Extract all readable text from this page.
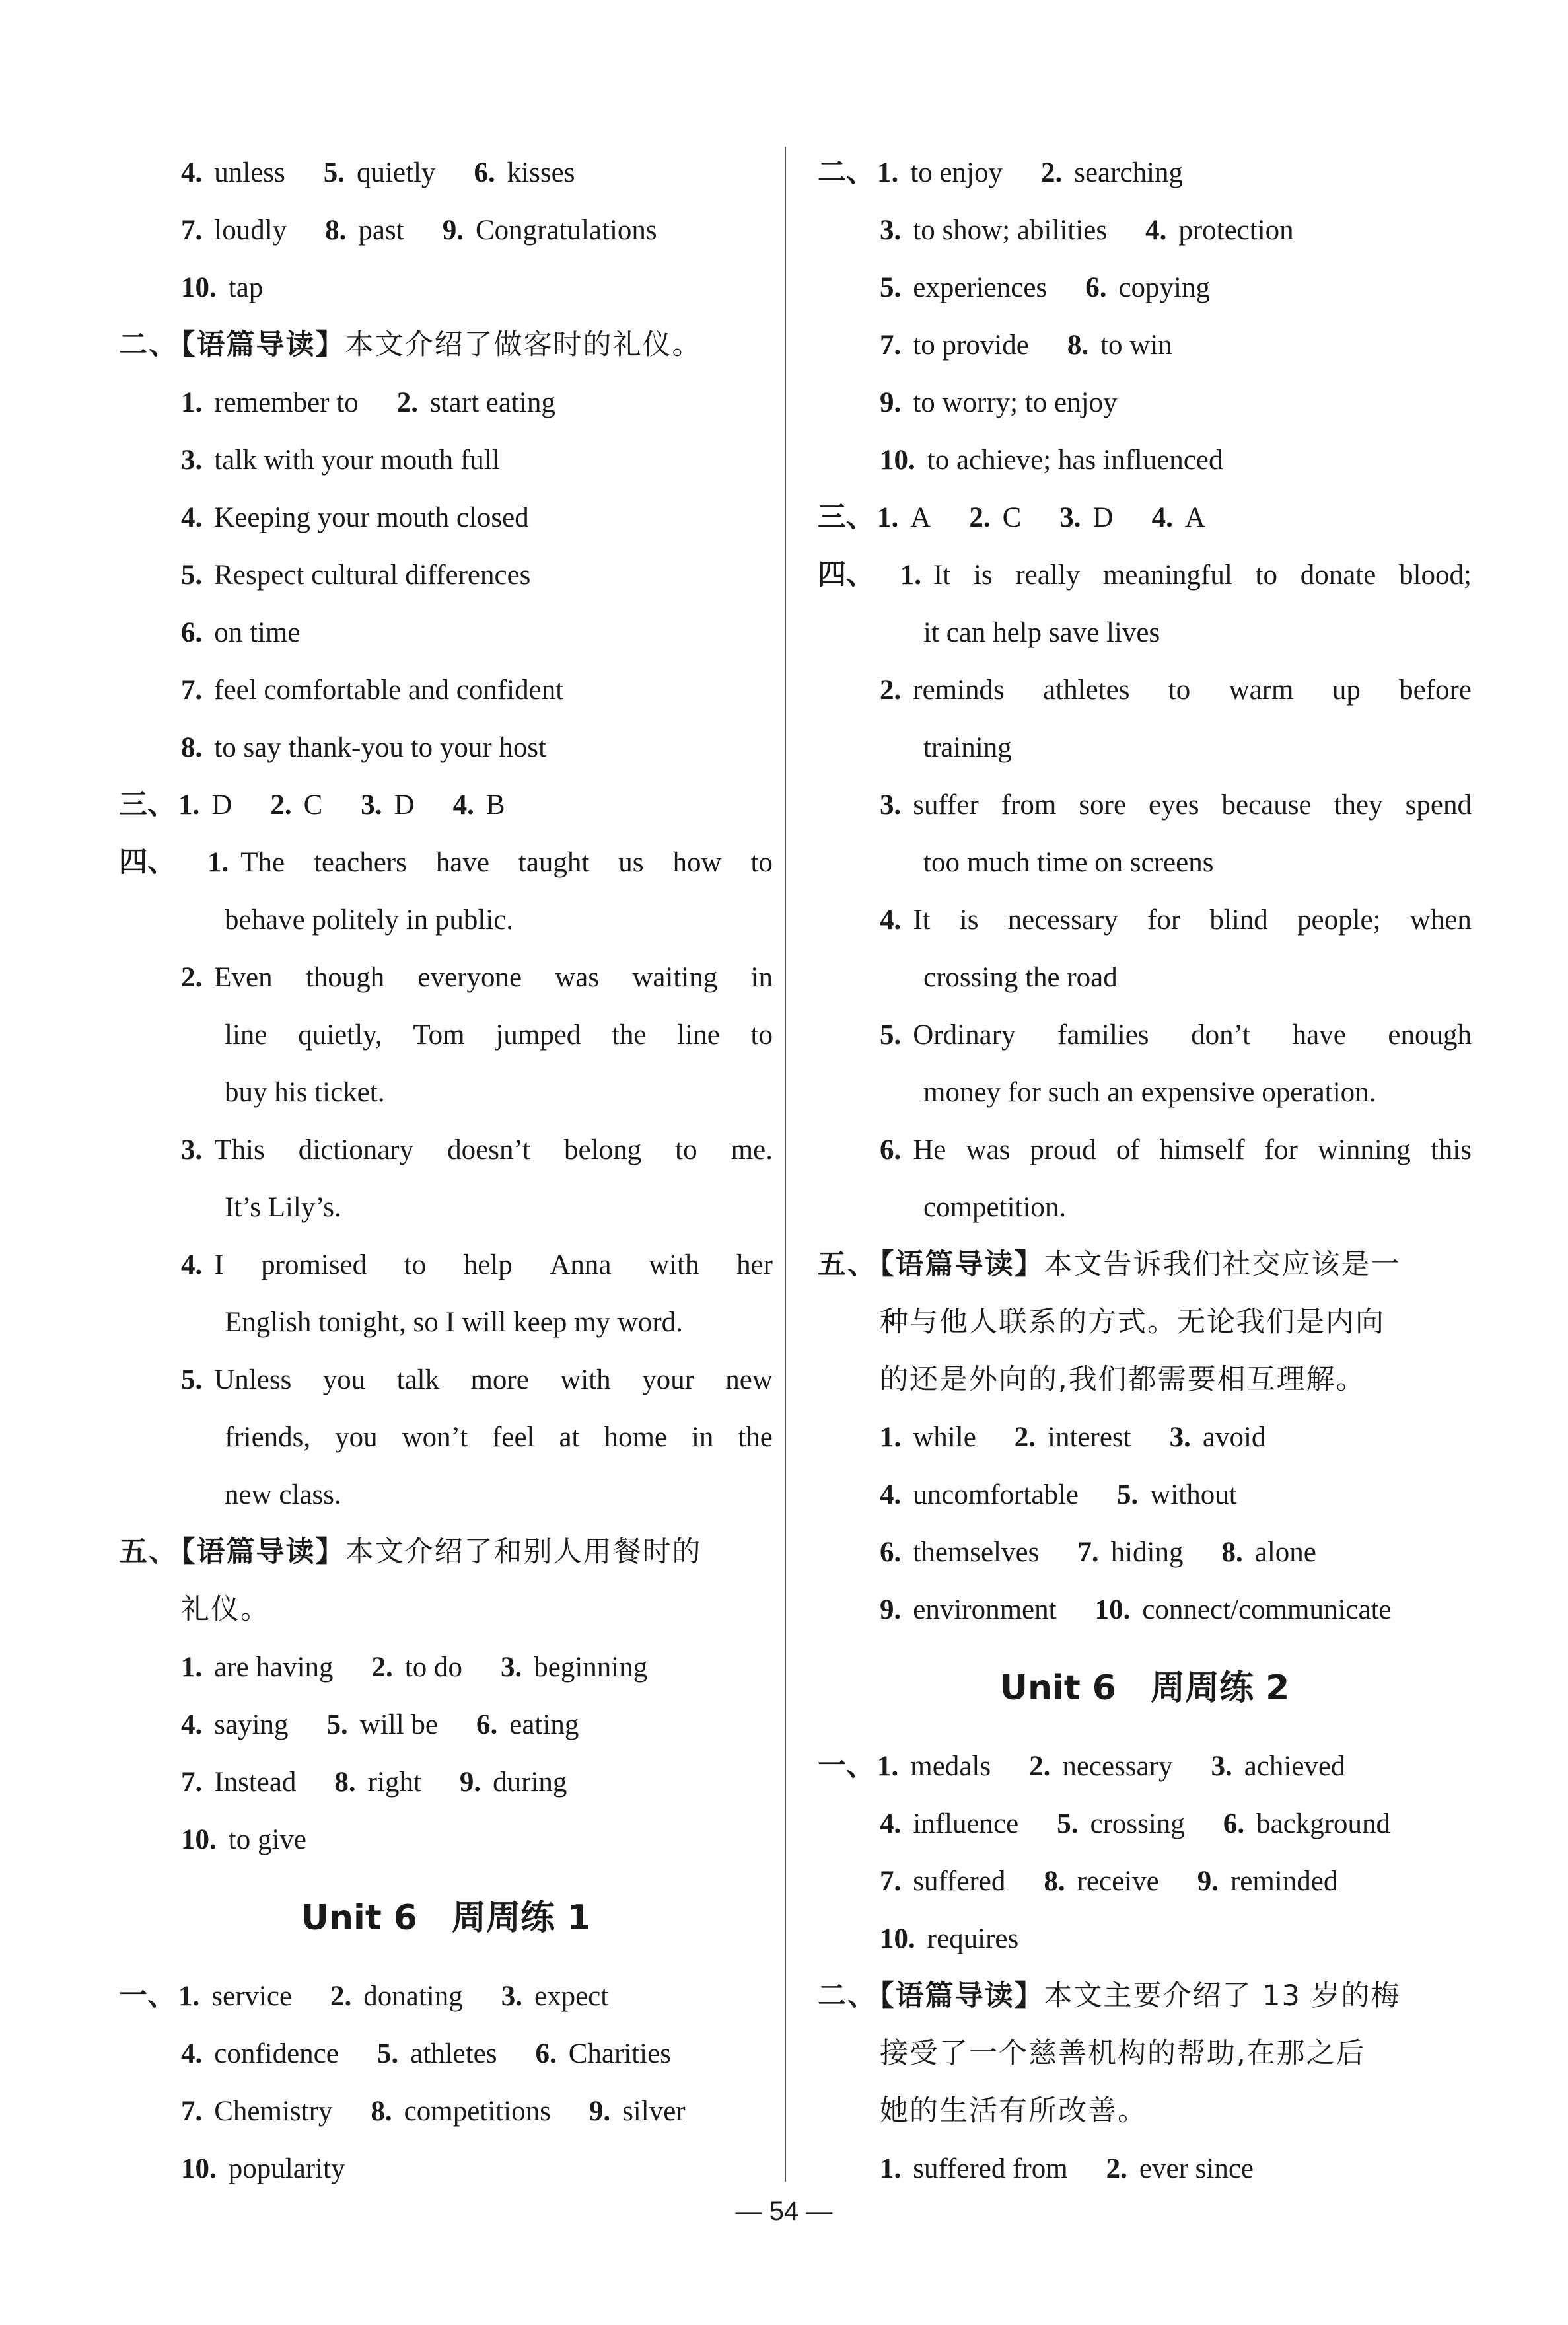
4. unless 5. quietly 6. kisses
7. loudly 8. past 9. Congratulations
10. tap
二、【语篇导读】本文介绍了做客时的礼仪。
1. remember to 2. start eating
3. talk with your mouth full
4. Keeping your mouth closed
5. Respect cultural differences
6. on time
7. feel comfortable and confident
8. to say thank-you to your host
三、1. D 2. C 3. D 4. B
四、 1. The teachers have taught us how to
behave politely in public.
2. Even though everyone was waiting in
line quietly, Tom jumped the line to
buy his ticket.
3. This dictionary doesn’t belong to me.
It’s Lily’s.
4. I promised to help Anna with her
English tonight, so I will keep my word.
5. Unless you talk more with your new
friends, you won’t feel at home in the
new class.
五、【语篇导读】本文介绍了和别人用餐时的
礼仪。
1. are having 2. to do 3. beginning
4. saying 5. will be 6. eating
7. Instead 8. right 9. during
10. to give
Unit 6　周周练 1
一、1. service 2. donating 3. expect
4. confidence 5. athletes 6. Charities
7. Chemistry 8. competitions 9. silver
10. popularity
二、1. to enjoy 2. searching
3. to show; abilities 4. protection
5. experiences 6. copying
7. to provide 8. to win
9. to worry; to enjoy
10. to achieve; has influenced
三、1. A 2. C 3. D 4. A
四、 1. It is really meaningful to donate blood;
it can help save lives
2. reminds athletes to warm up before
training
3. suffer from sore eyes because they spend
too much time on screens
4. It is necessary for blind people; when
crossing the road
5. Ordinary families don’t have enough
money for such an expensive operation.
6. He was proud of himself for winning this
competition.
五、【语篇导读】本文告诉我们社交应该是一
种与他人联系的方式。无论我们是内向
的还是外向的,我们都需要相互理解。
1. while 2. interest 3. avoid
4. uncomfortable 5. without
6. themselves 7. hiding 8. alone
9. environment 10. connect/communicate
Unit 6　周周练 2
一、1. medals 2. necessary 3. achieved
4. influence 5. crossing 6. background
7. suffered 8. receive 9. reminded
10. requires
二、【语篇导读】本文主要介绍了 13 岁的梅
接受了一个慈善机构的帮助,在那之后
她的生活有所改善。
1. suffered from 2. ever since
— 54 —
